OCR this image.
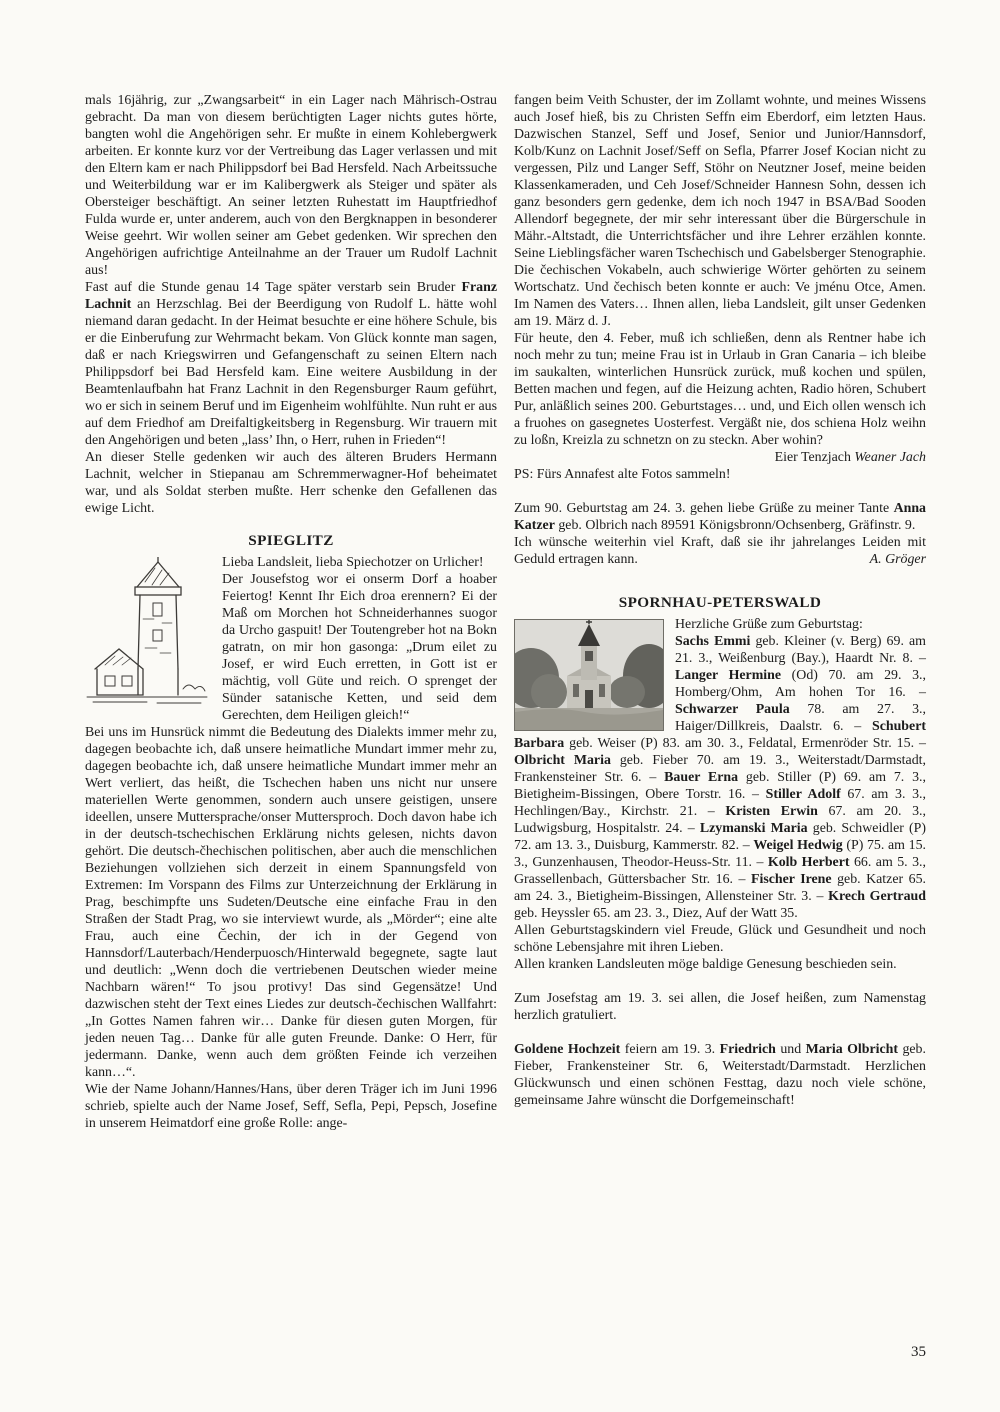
mals 16jährig, zur „Zwangsarbeit“ in ein Lager nach Mährisch-Ostrau gebracht. Da man von diesem berüchtigten Lager nichts gutes hörte, bangten wohl die Angehörigen sehr. Er mußte in einem Kohlebergwerk arbeiten. Er konnte kurz vor der Vertreibung das Lager verlassen und mit den Eltern kam er nach Philippsdorf bei Bad Hersfeld. Nach Arbeitssuche und Weiterbildung war er im Kalibergwerk als Steiger und später als Obersteiger beschäftigt. An seiner letzten Ruhestatt im Hauptfriedhof Fulda wurde er, unter anderem, auch von den Bergknappen in besonderer Weise geehrt. Wir wollen seiner am Gebet gedenken. Wir sprechen den Angehörigen aufrichtige Anteilnahme an der Trauer um Rudolf Lachnit aus!

Fast auf die Stunde genau 14 Tage später verstarb sein Bruder Franz Lachnit an Herzschlag. Bei der Beerdigung von Rudolf L. hätte wohl niemand daran gedacht. In der Heimat besuchte er eine höhere Schule, bis er die Einberufung zur Wehrmacht bekam. Von Glück konnte man sagen, daß er nach Kriegswirren und Gefangenschaft zu seinen Eltern nach Philippsdorf bei Bad Hersfeld kam. Eine weitere Ausbildung in der Beamtenlaufbahn hat Franz Lachnit in den Regensburger Raum geführt, wo er sich in seinem Beruf und im Eigenheim wohlfühlte. Nun ruht er aus auf dem Friedhof am Dreifaltigkeitsberg in Regensburg. Wir trauern mit den Angehörigen und beten „lass’ Ihn, o Herr, ruhen in Frieden“!

An dieser Stelle gedenken wir auch des älteren Bruders Hermann Lachnit, welcher in Stiepanau am Schremmerwagner-Hof beheimatet war, und als Soldat sterben mußte. Herr schenke den Gefallenen das ewige Licht.

SPIEGLITZ

Lieba Landsleit, lieba Spiechotzer on Urlicher!

Der Jousefstog wor ei onserm Dorf a hoaber Feiertog! Kennt Ihr Eich droa erennern? Ei der Maß om Morchen hot Schneiderhannes suogor da Urcho gaspuit! Der Toutengreber hot na Bokn gatratn, on mir hon gasonga: „Drum eilet zu Josef, er wird Euch erretten, in Gott ist er mächtig, voll Güte und reich. O sprenget der Sünder satanische Ketten, und seid dem Gerechten, dem Heiligen gleich!“

Bei uns im Hunsrück nimmt die Bedeutung des Dialekts immer mehr zu, dagegen beobachte ich, daß unsere heimatliche Mundart immer mehr zu, dagegen beobachte ich, daß unsere heimatliche Mundart immer mehr an Wert verliert, das heißt, die Tschechen haben uns nicht nur unsere materiellen Werte genommen, sondern auch unsere geistigen, unsere ideellen, unsere Muttersprache/onser Muttersproch. Doch davon habe ich in der deutsch-tschechischen Erklärung nichts gelesen, nichts davon gehört. Die deutsch-čhechischen politischen, aber auch die menschlichen Beziehungen vollziehen sich derzeit in einem Spannungsfeld von Extremen: Im Vorspann des Films zur Unterzeichnung der Erklärung in Prag, beschimpfte uns Sudeten/Deutsche eine einfache Frau in den Straßen der Stadt Prag, wo sie interviewt wurde, als „Mörder“; eine alte Frau, auch eine Čechin, der ich in der Gegend von Hannsdorf/Lauterbach/Henderpuosch/Hinterwald begegnete, sagte laut und deutlich: „Wenn doch die vertriebenen Deutschen wieder meine Nachbarn wären!“ To jsou protivy! Das sind Gegensätze! Und dazwischen steht der Text eines Liedes zur deutsch-čechischen Wallfahrt: „In Gottes Namen fahren wir… Danke für diesen guten Morgen, für jeden neuen Tag… Danke für alle guten Freunde. Danke: O Herr, für jedermann. Danke, wenn auch dem größten Feinde ich verzeihen kann…“.

Wie der Name Johann/Hannes/Hans, über deren Träger ich im Juni 1996 schrieb, spielte auch der Name Josef, Seff, Sefla, Pepi, Pepsch, Josefine in unserem Heimatdorf eine große Rolle: ange-

fangen beim Veith Schuster, der im Zollamt wohnte, und meines Wissens auch Josef hieß, bis zu Christen Seffn eim Eberdorf, eim letzten Haus. Dazwischen Stanzel, Seff und Josef, Senior und Junior/Hannsdorf, Kolb/Kunz on Lachnit Josef/Seff on Sefla, Pfarrer Josef Kocian nicht zu vergessen, Pilz und Langer Seff, Stöhr on Neutzner Josef, meine beiden Klassenkameraden, und Ceh Josef/Schneider Hannesn Sohn, dessen ich ganz besonders gern gedenke, dem ich noch 1947 in BSA/Bad Sooden Allendorf begegnete, der mir sehr interessant über die Bürgerschule in Mähr.-Altstadt, die Unterrichtsfächer und ihre Lehrer erzählen konnte. Seine Lieblingsfächer waren Tschechisch und Gabelsberger Stenographie. Die čechischen Vokabeln, auch schwierige Wörter gehörten zu seinem Wortschatz. Und čechisch beten konnte er auch: Ve jménu Otce, Amen. Im Namen des Vaters… Ihnen allen, lieba Landsleit, gilt unser Gedenken am 19. März d. J.

Für heute, den 4. Feber, muß ich schließen, denn als Rentner habe ich noch mehr zu tun; meine Frau ist in Urlaub in Gran Canaria – ich bleibe im saukalten, winterlichen Hunsrück zurück, muß kochen und spülen, Betten machen und fegen, auf die Heizung achten, Radio hören, Schubert Pur, anläßlich seines 200. Geburtstages… und, und Eich ollen wensch ich a fruohes on gasegnetes Uosterfest. Vergäßt nie, dos schiena Holz weihn zu loßn, Kreizla zu schnetzn on zu steckn. Aber wohin?

Eier Tenzjach Weaner Jach

PS: Fürs Annafest alte Fotos sammeln!

Zum 90. Geburtstag am 24. 3. gehen liebe Grüße zu meiner Tante Anna Katzer geb. Olbrich nach 89591 Königsbronn/Ochsenberg, Gräfinstr. 9.

Ich wünsche weiterhin viel Kraft, daß sie ihr jahrelanges Leiden mit Geduld ertragen kann.	A. Gröger

SPORNHAU-PETERSWALD

Herzliche Grüße zum Geburtstag:

Sachs Emmi geb. Kleiner (v. Berg) 69. am 21. 3., Weißenburg (Bay.), Haardt Nr. 8. – Langer Hermine (Od) 70. am 29. 3., Homberg/Ohm, Am hohen Tor 16. – Schwarzer Paula 78. am 27. 3., Haiger/Dillkreis, Daalstr. 6. – Schubert Barbara geb. Weiser (P) 83. am 30. 3., Feldatal, Ermenröder Str. 15. – Olbricht Maria geb. Fieber 70. am 19. 3., Weiterstadt/Darmstadt, Frankensteiner Str. 6. – Bauer Erna geb. Stiller (P) 69. am 7. 3., Bietigheim-Bissingen, Obere Torstr. 16. – Stiller Adolf 67. am 3. 3., Hechlingen/Bay., Kirchstr. 21. – Kristen Erwin 67. am 20. 3., Ludwigsburg, Hospitalstr. 24. – Lzymanski Maria geb. Schweidler (P) 72. am 13. 3., Duisburg, Kammerstr. 82. – Weigel Hedwig (P) 75. am 15. 3., Gunzenhausen, Theodor-Heuss-Str. 11. – Kolb Herbert 66. am 5. 3., Grassellenbach, Güttersbacher Str. 16. – Fischer Irene geb. Katzer 65. am 24. 3., Bietigheim-Bissingen, Allensteiner Str. 3. – Krech Gertraud geb. Heyssler 65. am 23. 3., Diez, Auf der Watt 35.

Allen Geburtstagskindern viel Freude, Glück und Gesundheit und noch schöne Lebensjahre mit ihren Lieben.

Allen kranken Landsleuten möge baldige Genesung beschieden sein.

Zum Josefstag am 19. 3. sei allen, die Josef heißen, zum Namenstag herzlich gratuliert.

Goldene Hochzeit feiern am 19. 3. Friedrich und Maria Olbricht geb. Fieber, Frankensteiner Str. 6, Weiterstadt/Darmstadt. Herzlichen Glückwunsch und einen schönen Festtag, dazu noch viele schöne, gemeinsame Jahre wünscht die Dorfgemeinschaft!

35
